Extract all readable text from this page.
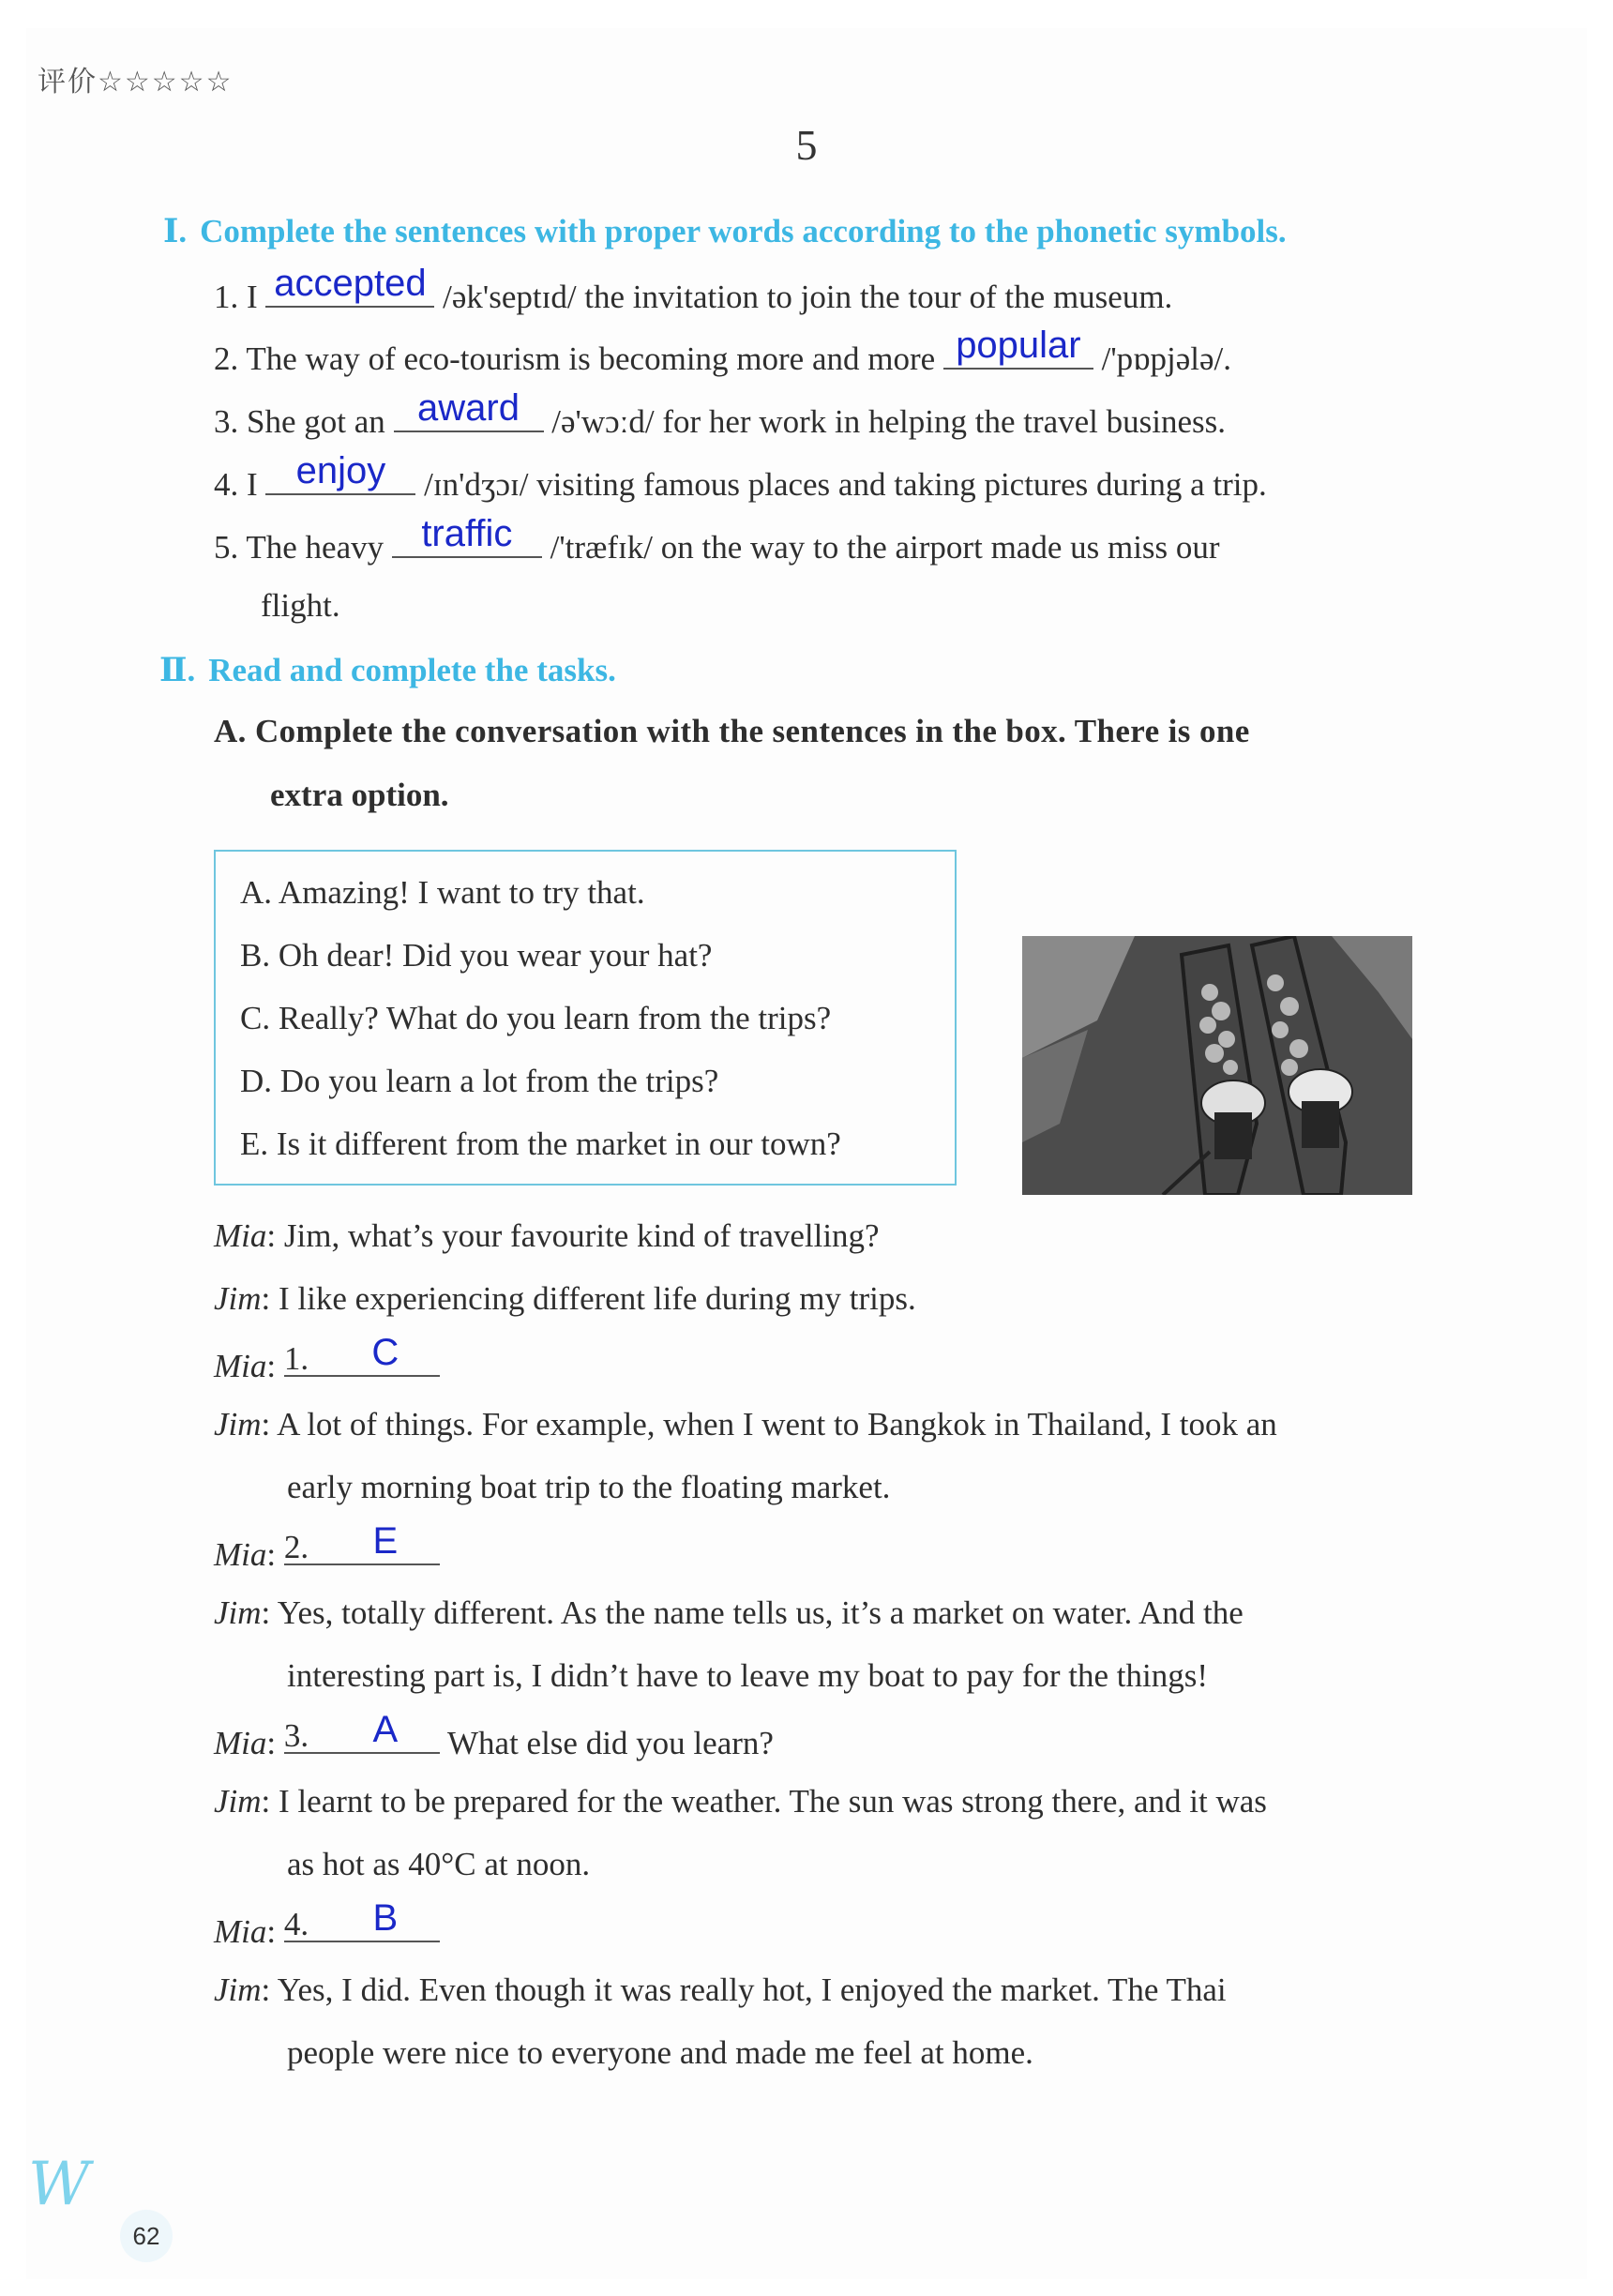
评价☆☆☆☆☆
5
Ⅰ. Complete the sentences with proper words according to the phonetic symbols.
1. I accepted /ək'septɪd/ the invitation to join the tour of the museum.
2. The way of eco-tourism is becoming more and more popular /'pɒpjələ/.
3. She got an award /ə'wɔːd/ for her work in helping the travel business.
4. I	enjoy	/ɪn'dʒɔɪ/ visiting famous places and taking pictures during a trip.
5. The heavy	traffic	/'træfɪk/ on the way to the airport made us miss our
flight.
Ⅱ. Read and complete the tasks.
A. Complete the conversation with the sentences in the box. There is one
extra option.
A. Amazing! I want to try that.
B. Oh dear! Did you wear your hat?
C. Really? What do you learn from the trips?
D. Do you learn a lot from the trips?
E. Is it different from the market in our town?
Mia: Jim, what’s your favourite kind of travelling?
Jim: I like experiencing different life during my trips.
Mia: 1.	C
Jim: A lot of things. For example, when I went to Bangkok in Thailand, I took an
early morning boat trip to the floating market.
Mia: 2.	E
Jim: Yes, totally different. As the name tells us, it’s a market on water. And the
interesting part is, I didn’t have to leave my boat to pay for the things!
Mia: 3.	A	What else did you learn?
Jim: I learnt to be prepared for the weather. The sun was strong there, and it was
as hot as 40°C at noon.
Mia: 4.	B
Jim: Yes, I did. Even though it was really hot, I enjoyed the market. The Thai
people were nice to everyone and made me feel at home.
W
62
